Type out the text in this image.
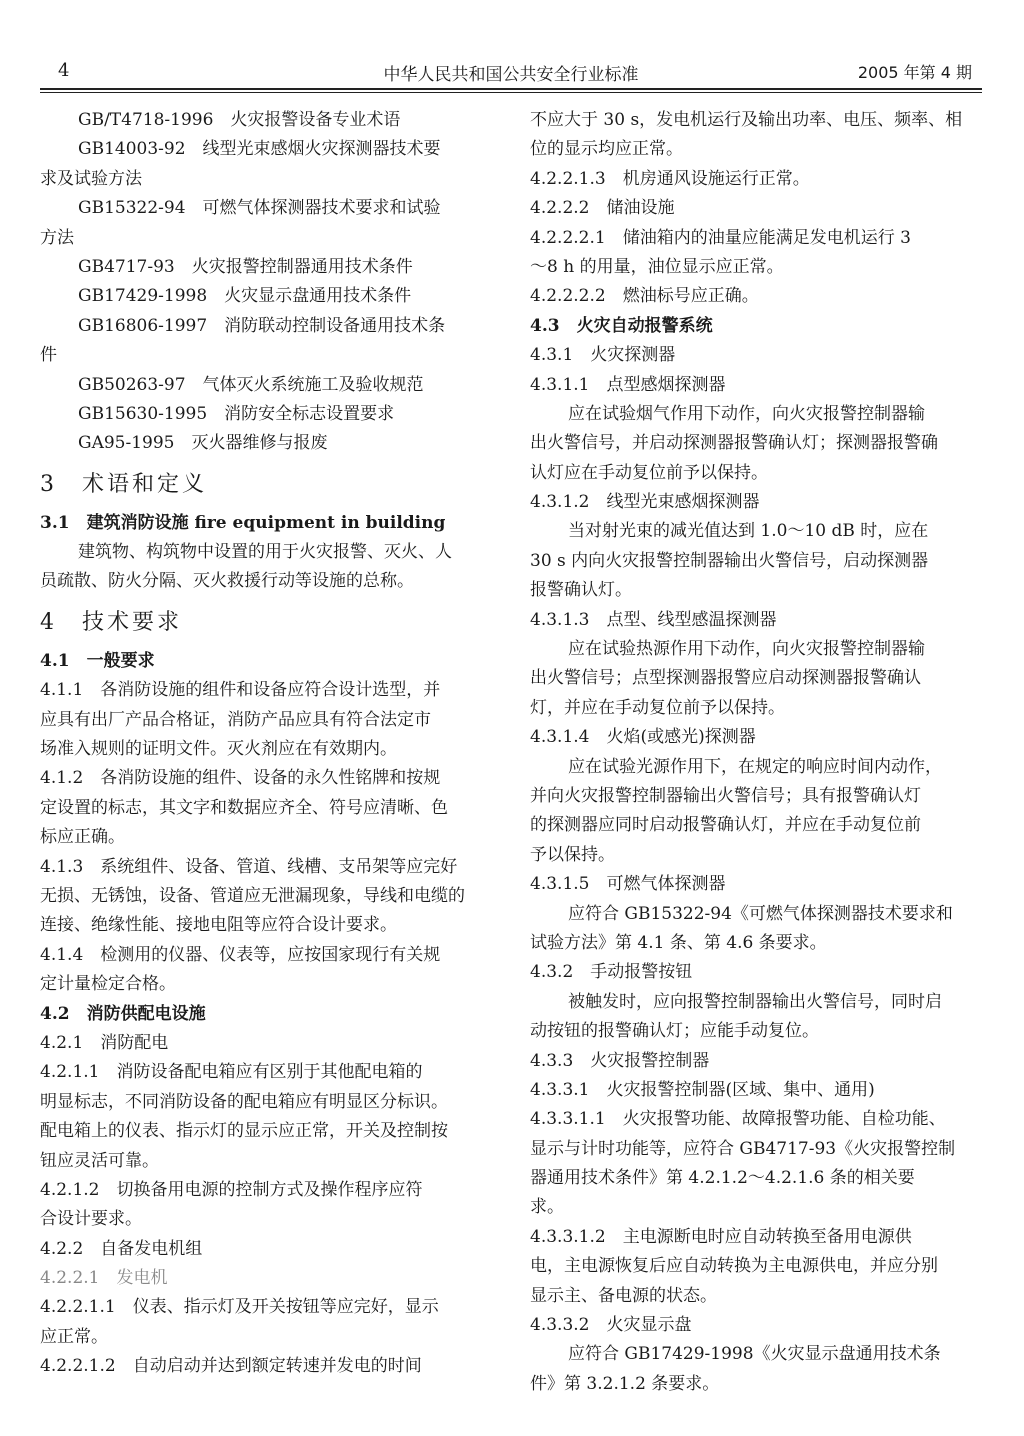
4	中华人民共和国公共安全行业标准	2005 年第 4 期
GB/T4718-1996　火灾报警设备专业术语
GB14003-92　线型光束感烟火灾探测器技术要
求及试验方法
GB15322-94　可燃气体探测器技术要求和试验
方法
GB4717-93　火灾报警控制器通用技术条件
GB17429-1998　火灾显示盘通用技术条件
GB16806-1997　消防联动控制设备通用技术条
件
GB50263-97　气体灭火系统施工及验收规范
GB15630-1995　消防安全标志设置要求
GA95-1995　灭火器维修与报废
3　术语和定义
3.1　建筑消防设施 fire equipment in building
建筑物、构筑物中设置的用于火灾报警、灭火、人
员疏散、防火分隔、灭火救援行动等设施的总称。
4　技术要求
4.1　一般要求
4.1.1　各消防设施的组件和设备应符合设计选型，并
应具有出厂产品合格证，消防产品应具有符合法定市
场准入规则的证明文件。灭火剂应在有效期内。
4.1.2　各消防设施的组件、设备的永久性铭牌和按规
定设置的标志，其文字和数据应齐全、符号应清晰、色
标应正确。
4.1.3　系统组件、设备、管道、线槽、支吊架等应完好
无损、无锈蚀，设备、管道应无泄漏现象，导线和电缆的
连接、绝缘性能、接地电阻等应符合设计要求。
4.1.4　检测用的仪器、仪表等，应按国家现行有关规
定计量检定合格。
4.2　消防供配电设施
4.2.1　消防配电
4.2.1.1　消防设备配电箱应有区别于其他配电箱的
明显标志，不同消防设备的配电箱应有明显区分标识。
配电箱上的仪表、指示灯的显示应正常，开关及控制按
钮应灵活可靠。
4.2.1.2　切换备用电源的控制方式及操作程序应符
合设计要求。
4.2.2　自备发电机组
4.2.2.1　发电机
4.2.2.1.1　仪表、指示灯及开关按钮等应完好，显示
应正常。
4.2.2.1.2　自动启动并达到额定转速并发电的时间
不应大于 30 s，发电机运行及输出功率、电压、频率、相
位的显示均应正常。
4.2.2.1.3　机房通风设施运行正常。
4.2.2.2　储油设施
4.2.2.2.1　储油箱内的油量应能满足发电机运行 3
～8 h 的用量，油位显示应正常。
4.2.2.2.2　燃油标号应正确。
4.3　火灾自动报警系统
4.3.1　火灾探测器
4.3.1.1　点型感烟探测器
应在试验烟气作用下动作，向火灾报警控制器输
出火警信号，并启动探测器报警确认灯；探测器报警确
认灯应在手动复位前予以保持。
4.3.1.2　线型光束感烟探测器
当对射光束的减光值达到 1.0～10 dB 时，应在
30 s 内向火灾报警控制器输出火警信号，启动探测器
报警确认灯。
4.3.1.3　点型、线型感温探测器
应在试验热源作用下动作，向火灾报警控制器输
出火警信号；点型探测器报警应启动探测器报警确认
灯，并应在手动复位前予以保持。
4.3.1.4　火焰(或感光)探测器
应在试验光源作用下，在规定的响应时间内动作，
并向火灾报警控制器输出火警信号；具有报警确认灯
的探测器应同时启动报警确认灯，并应在手动复位前
予以保持。
4.3.1.5　可燃气体探测器
应符合 GB15322-94《可燃气体探测器技术要求和
试验方法》第 4.1 条、第 4.6 条要求。
4.3.2　手动报警按钮
被触发时，应向报警控制器输出火警信号，同时启
动按钮的报警确认灯；应能手动复位。
4.3.3　火灾报警控制器
4.3.3.1　火灾报警控制器(区域、集中、通用)
4.3.3.1.1　火灾报警功能、故障报警功能、自检功能、
显示与计时功能等，应符合 GB4717-93《火灾报警控制
器通用技术条件》第 4.2.1.2～4.2.1.6 条的相关要
求。
4.3.3.1.2　主电源断电时应自动转换至备用电源供
电，主电源恢复后应自动转换为主电源供电，并应分别
显示主、备电源的状态。
4.3.3.2　火灾显示盘
应符合 GB17429-1998《火灾显示盘通用技术条
件》第 3.2.1.2 条要求。
